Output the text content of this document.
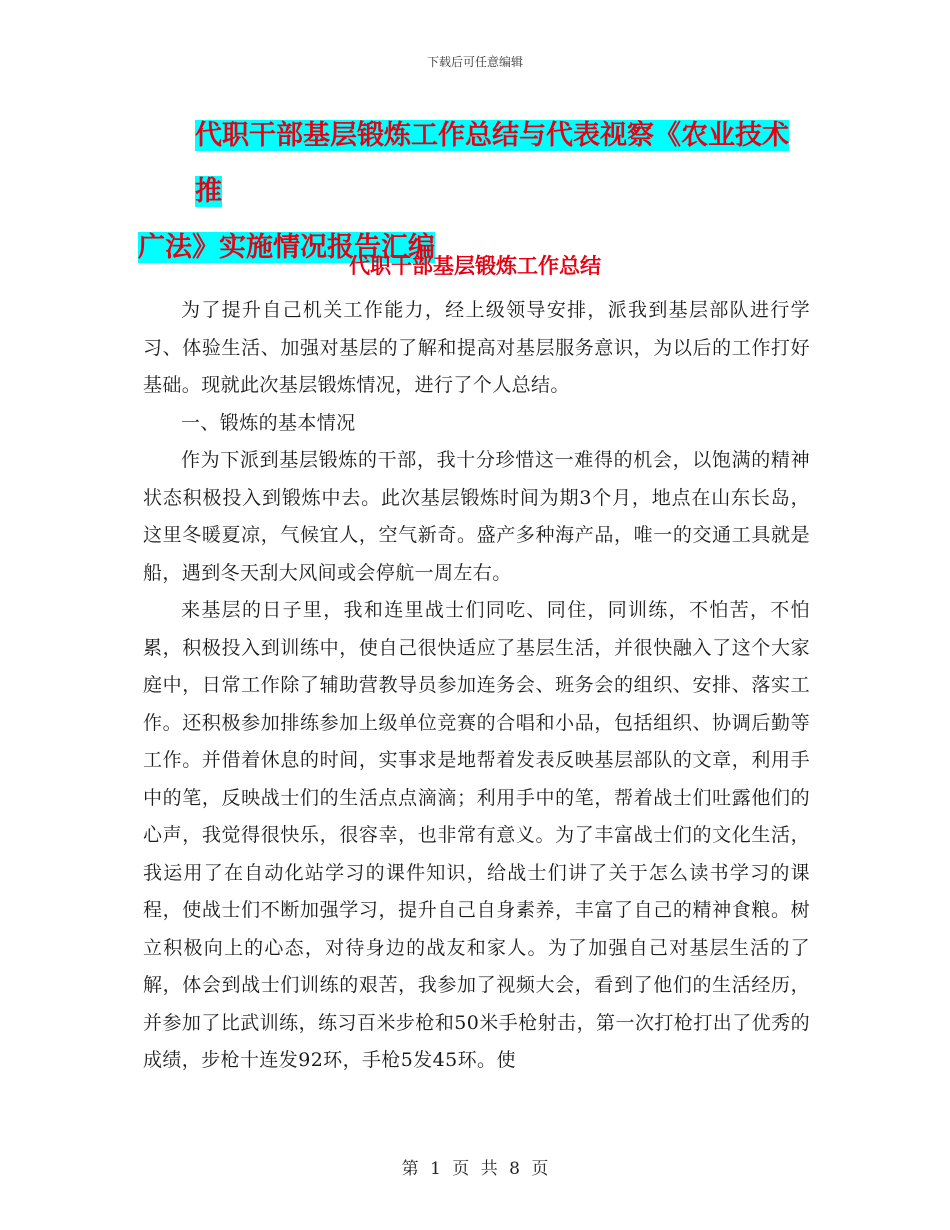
下载后可任意编辑
代职干部基层锻炼工作总结与代表视察《农业技术推
广法》实施情况报告汇编
代职干部基层锻炼工作总结

为了提升自己机关工作能力，经上级领导安排，派我到基层部队进行学习、体验生活、加强对基层的了解和提高对基层服务意识，为以后的工作打好基础。现就此次基层锻炼情况，进行了个人总结。

一、锻炼的基本情况

作为下派到基层锻炼的干部，我十分珍惜这一难得的机会，以饱满的精神状态积极投入到锻炼中去。此次基层锻炼时间为期3个月，地点在山东长岛，这里冬暖夏凉，气候宜人，空气新奇。盛产多种海产品，唯一的交通工具就是船，遇到冬天刮大风间或会停航一周左右。

来基层的日子里，我和连里战士们同吃、同住，同训练，不怕苦，不怕累，积极投入到训练中，使自己很快适应了基层生活，并很快融入了这个大家庭中，日常工作除了辅助营教导员参加连务会、班务会的组织、安排、落实工作。还积极参加排练参加上级单位竞赛的合唱和小品，包括组织、协调后勤等工作。并借着休息的时间，实事求是地帮着发表反映基层部队的文章，利用手中的笔，反映战士们的生活点点滴滴；利用手中的笔，帮着战士们吐露他们的心声，我觉得很快乐，很容幸，也非常有意义。为了丰富战士们的文化生活，我运用了在自动化站学习的课件知识，给战士们讲了关于怎么读书学习的课程，使战士们不断加强学习，提升自己自身素养，丰富了自己的精神食粮。树立积极向上的心态，对待身边的战友和家人。为了加强自己对基层生活的了解，体会到战士们训练的艰苦，我参加了视频大会，看到了他们的生活经历，并参加了比武训练，练习百米步枪和50米手枪射击，第一次打枪打出了优秀的成绩，步枪十连发92环，手枪5发45环。使

第 1 页 共 8 页
